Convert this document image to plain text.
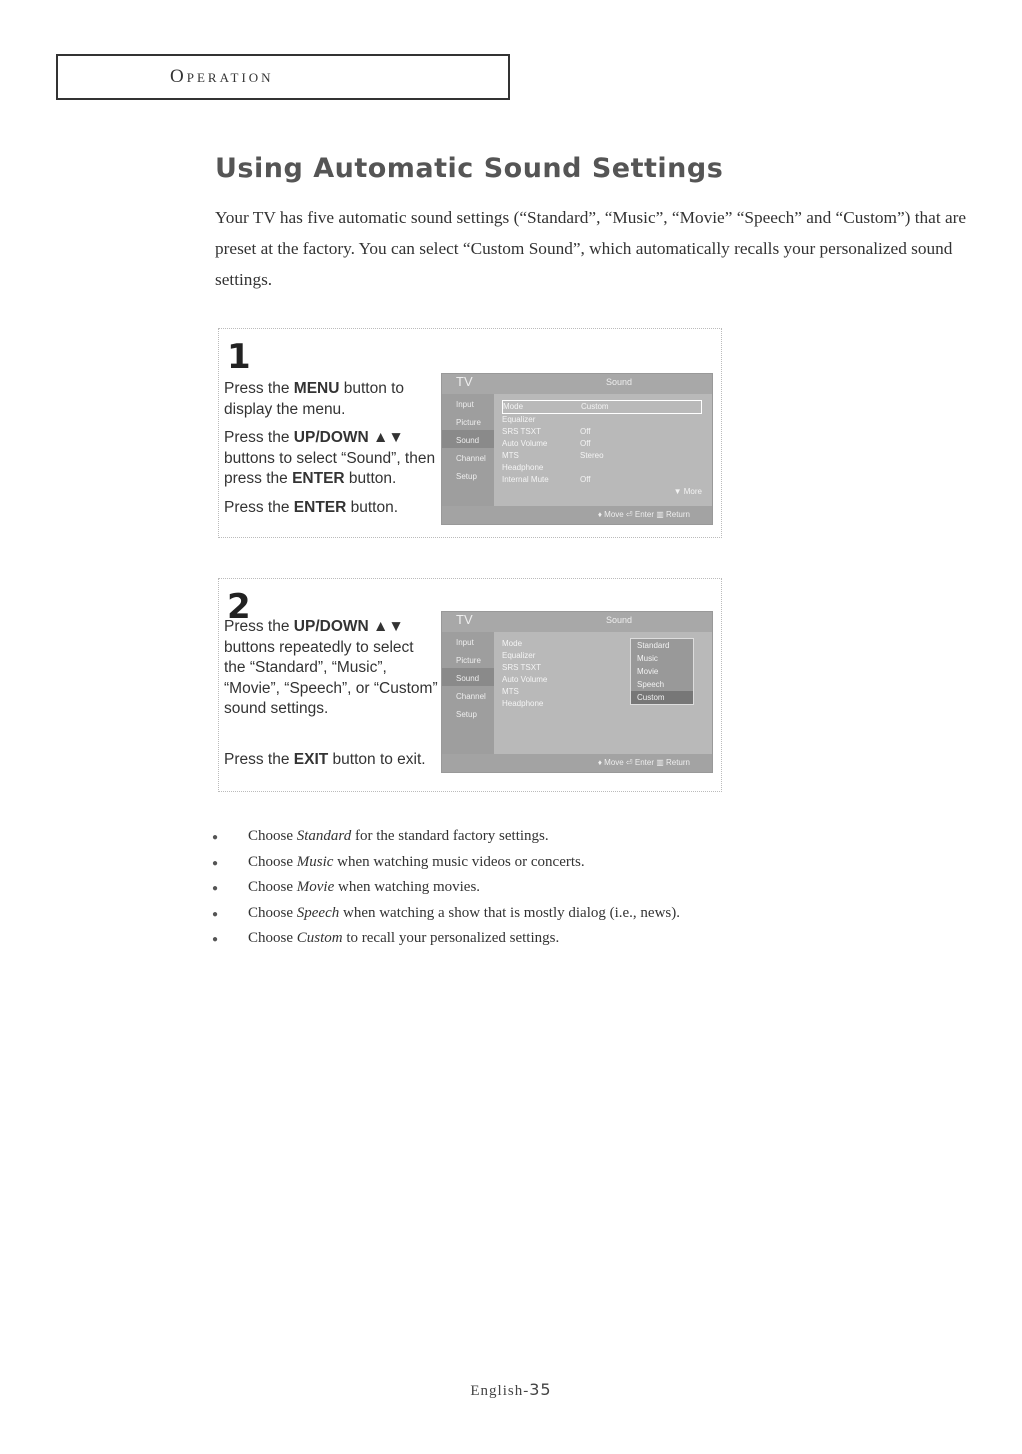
Operation
Using Automatic Sound Settings
Your TV has five automatic sound settings (“Standard”, “Music”, “Movie” “Speech” and “Custom”) that are preset at the factory. You can select “Custom Sound”, which automatically recalls your personalized sound settings.
1

Press the MENU button to display the menu.

Press the UP/DOWN ▲▼ buttons to select “Sound”, then press the ENTER button.

Press the ENTER button.

TV	Sound
Input
Picture
Sound
Channel
Setup
Mode	Custom
Equalizer
SRS TSXT	Off
Auto Volume	Off
MTS	Stereo
Headphone
Internal Mute	Off
▼ More
♦ Move ⏎ Enter ▥ Return
2

Press the UP/DOWN ▲▼ buttons repeatedly to select the “Standard”, “Music”, “Movie”, “Speech”, or “Custom” sound settings.

Press the EXIT button to exit.

TV	Sound
Input
Picture
Sound
Channel
Setup
Mode
Equalizer
SRS TSXT
Auto Volume
MTS
Headphone
Standard
Music
Movie
Speech
Custom
♦ Move ⏎ Enter ▥ Return
● Choose Standard for the standard factory settings.
● Choose Music when watching music videos or concerts.
● Choose Movie when watching movies.
● Choose Speech when watching a show that is mostly dialog (i.e., news).
● Choose Custom to recall your personalized settings.
English-35
